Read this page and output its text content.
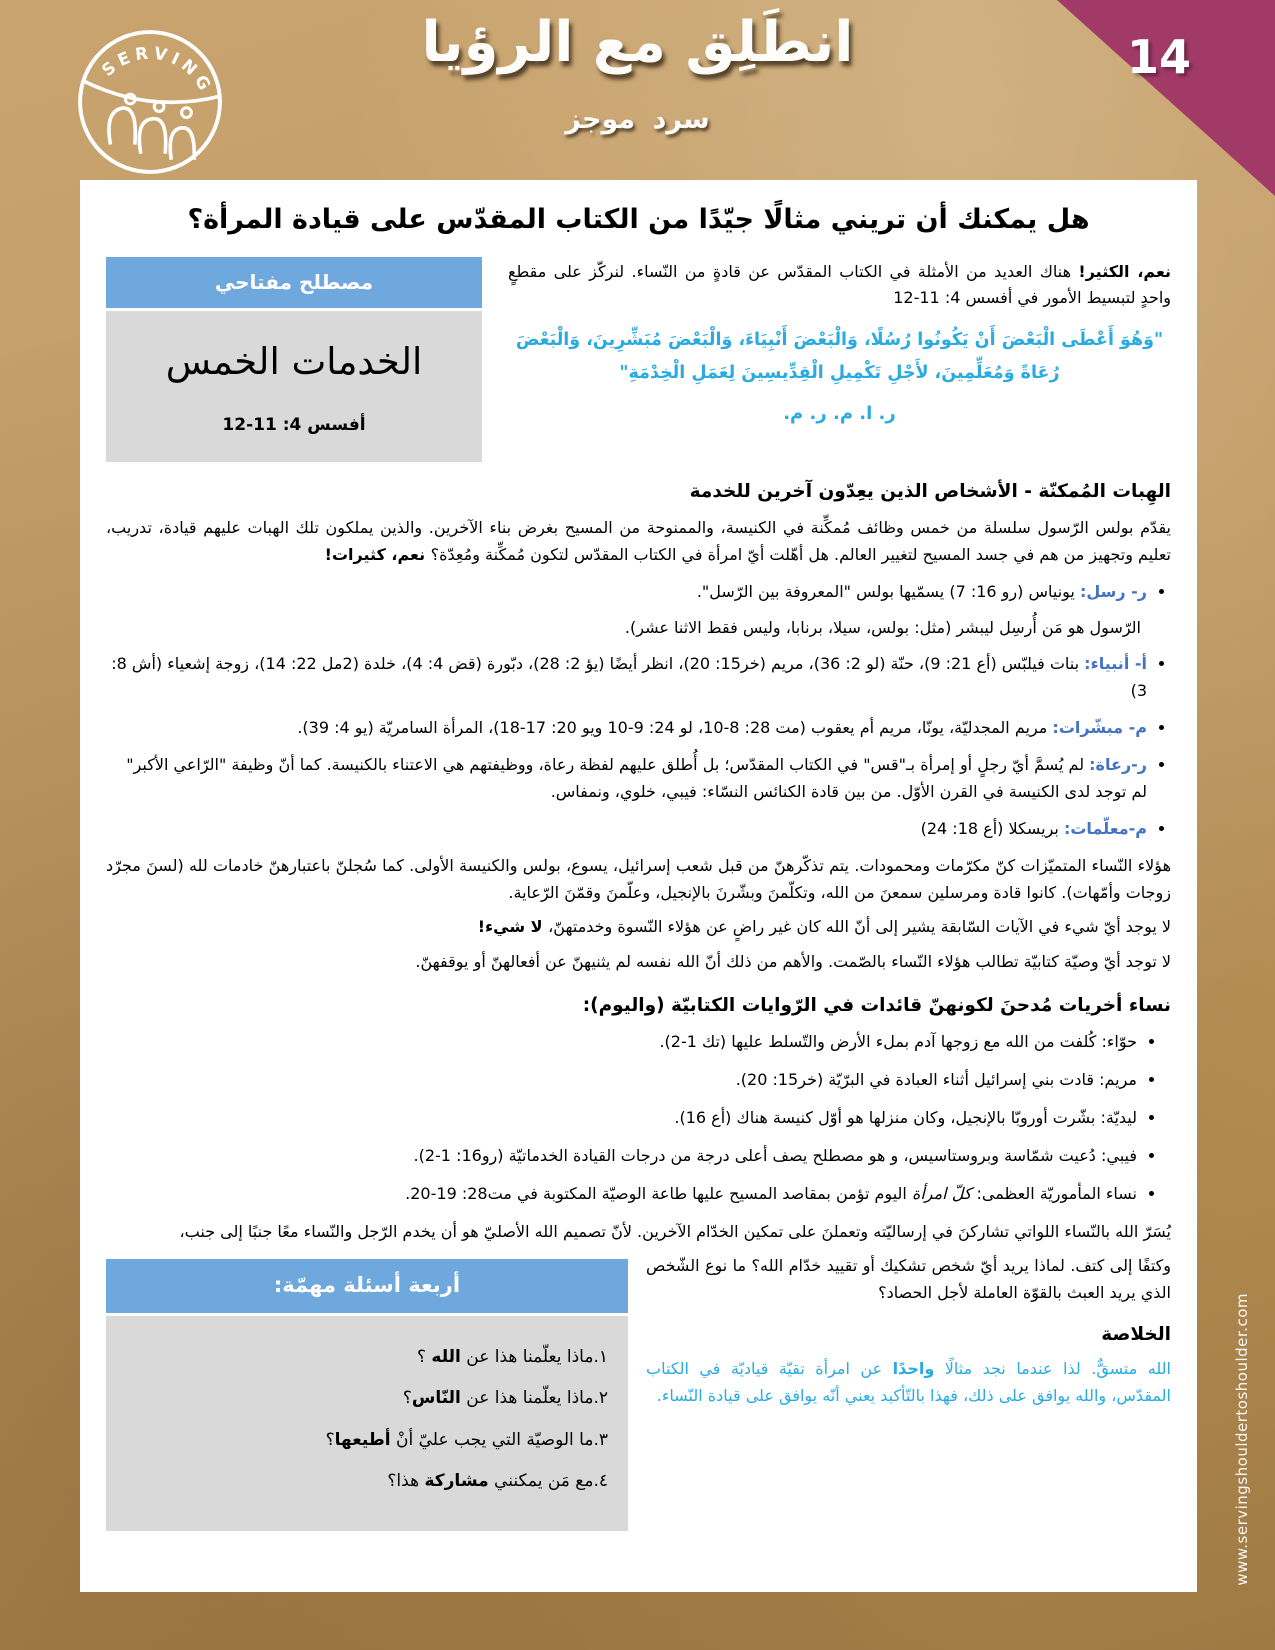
SERVING
انطَلِق مع الرؤيا
سرد موجز
14
www.servingshouldertoshoulder.com
هل يمكنك أن تريني مثالًا جيّدًا من الكتاب المقدّس على قيادة المرأة؟

نعم، الكثير! هناك العديد من الأمثلة في الكتاب المقدّس عن قادةٍ من النّساء. لنركّز على مقطعٍ واحدٍ لتبسيط الأمور في أفسس 4: 11-12

"وَهُوَ أَعْطَى الْبَعْضَ أَنْ يَكُونُوا رُسُلًا، وَالْبَعْضَ أَنْبِيَاءَ، وَالْبَعْضَ مُبَشِّرِينَ، وَالْبَعْضَ رُعَاةً وَمُعَلِّمِينَ، لأَجْلِ تَكْمِيلِ الْقِدِّيسِينَ لِعَمَلِ الْخِدْمَةِ"

ر. ا. م. ر. م.

مصطلح مفتاحي
الخدمات الخمس
أفسس 4: 11-12
الهِبات المُمكنّة - الأشخاص الذين يعِدّون آخرين للخدمة

يقدّم بولس الرّسول سلسلة من خمس وظائف مُمكِّنة في الكنيسة، والممنوحة من المسيح بغرض بناء الآخرين. والذين يملكون تلك الهبات عليهم قيادة، تدريب، تعليم وتجهيز من هم في جسد المسيح لتغيير العالم. هل أهّلت أيّ امرأة في الكتاب المقدّس لتكون مُمكِّنة ومُعِدّة؟ نعم، كثيرات!

• ر- رسل: يونياس (رو 16: 7) يسمّيها بولس "المعروفة بين الرّسل".
الرّسول هو مَن أُرسِل ليبشر (مثل: بولس، سيلا، برنابا، وليس فقط الاثنا عشر).
• أ- أنبياء: بنات فيلبّس (أع 21: 9)، حنّة (لو 2: 36)، مريم (خر15: 20)، انظر أيضًا (يؤ 2: 28)، دبّورة (قض 4: 4)، خلدة (2مل 22: 14)، زوجة إشعياء (أش 8: 3)
• م- مبشّرات: مريم المجدليّة، يونّا، مريم أم يعقوب (مت 28: 8-10، لو 24: 9-10 ويو 20: 17-18)، المرأة السامريّة (يو 4: 39).
• ر-رعاة: لم يُسمَّ أيّ رجلٍ أو إمرأة بـ"قس" في الكتاب المقدّس؛ بل أُطلق عليهم لفظة رعاة، ووظيفتهم هي الاعتناء بالكنيسة. كما أنّ وظيفة "الرّاعي الأكبر" لم توجد لدى الكنيسة في القرن الأوّل. من بين قادة الكنائس النسّاء: فيبي، خلوي، ونمفاس.
• م-معلّمات: بريسكلا (أع 18: 24)

هؤلاء النّساء المتميّزات كنّ مكرّمات ومحمودات. يتم تذكّرهنّ من قبل شعب إسرائيل، يسوع، بولس والكنيسة الأولى. كما سُجلنّ باعتبارهنّ خادمات لله (لسنَ مجرّد زوجات وأمّهات). كانوا قادة ومرسلين سمعنَ من الله، وتكلّمنَ وبشّرنَ بالإنجيل، وعلّمنَ وقمّنَ الرّعاية.

لا يوجد أيّ شيء في الآيات السّابقة يشير إلى أنّ الله كان غير راضٍ عن هؤلاء النّسوة وخدمتهنّ، لا شيء!

لا توجد أيّ وصيّة كتابيّة تطالب هؤلاء النّساء بالصّمت. والأهم من ذلك أنّ الله نفسه لم يثنيهنّ عن أفعالهنّ أو يوقفهنّ.

نساء أخريات مُدحنَ لكونهنّ قائدات في الرّوايات الكتابيّة (واليوم):
• حوّاء: كُلفت من الله مع زوجها آدم بملء الأرض والتّسلط عليها (تك 1-2).
• مريم: قادت بني إسرائيل أثناء العبادة في البرّيّة (خر15: 20).
• ليديّة: بشّرت أوروبّا بالإنجيل، وكان منزلها هو أوّل كنيسة هناك (أع 16).
• فيبي: دُعيت شمّاسة وبروستاسيس، و هو مصطلح يصف أعلى درجة من درجات القيادة الخدماتيّة (رو16: 1-2).
• نساء المأموريّة العظمى: كلّ امرأة اليوم تؤمن بمقاصد المسيح عليها طاعة الوصيّة المكتوبة في مت28: 19-20.

يُسَرّ الله بالنّساء اللواتي تشاركنَ في إرساليّته وتعملنَ على تمكين الخدّام الآخرين. لأنّ تصميم الله الأصليّ هو أن يخدم الرّجل والنّساء معًا جنبًا إلى جنب،

أربعة أسئلة مهمّة:
١.ماذا يعلّمنا هذا عن الله ؟
٢.ماذا يعلّمنا هذا عن النّاس؟
٣.ما الوصيّة التي يجب عليّ أنْ أطيعها؟
٤.مع مَن يمكنني مشاركة هذا؟

وكتفًا إلى كتف. لماذا يريد أيّ شخص تشكيك أو تقييد خدّام الله؟ ما نوع الشّخص الذي يريد العبث بالقوّة العاملة لأجل الحصاد؟

الخلاصة

الله متسقٌّ. لذا عندما نجد مثالًا واحدًا عن امرأة تقيّة قياديّة في الكتاب المقدّس، والله يوافق على ذلك، فهذا بالتّأكيد يعني أنّه يوافق على قيادة النّساء.
